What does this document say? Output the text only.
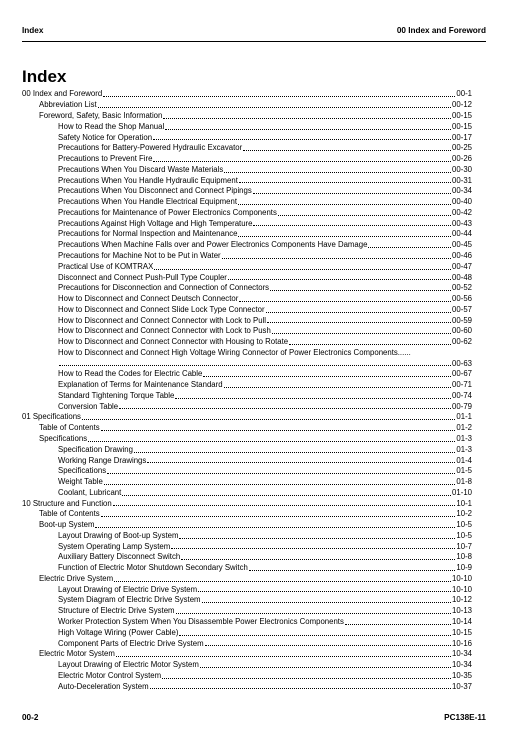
Index	00 Index and Foreword
Index
00 Index and Foreword	00-1
Abbreviation List	00-12
Foreword, Safety, Basic Information	00-15
How to Read the Shop Manual	00-15
Safety Notice for Operation	00-17
Precautions for Battery-Powered Hydraulic Excavator	00-25
Precautions to Prevent Fire	00-26
Precautions When You Discard Waste Materials	00-30
Precautions When You Handle Hydraulic Equipment	00-31
Precautions When You Disconnect and Connect Pipings	00-34
Precautions When You Handle Electrical Equipment	00-40
Precautions for Maintenance of Power Electronics Components	00-42
Precautions Against High Voltage and High Temperature	00-43
Precautions for Normal Inspection and Maintenance	00-44
Precautions When Machine Falls over and Power Electronics Components Have Damage	00-45
Precautions for Machine Not to be Put in Water	00-46
Practical Use of KOMTRAX	00-47
Disconnect and Connect Push-Pull Type Coupler	00-48
Precautions for Disconnection and Connection of Connectors	00-52
How to Disconnect and Connect Deutsch Connector	00-56
How to Disconnect and Connect Slide Lock Type Connector	00-57
How to Disconnect and Connect Connector with Lock to Pull	00-59
How to Disconnect and Connect Connector with Lock to Push	00-60
How to Disconnect and Connect Connector with Housing to Rotate	00-62
How to Disconnect and Connect High Voltage Wiring Connector of Power Electronics Components......
00-63
How to Read the Codes for Electric Cable	00-67
Explanation of Terms for Maintenance Standard	00-71
Standard Tightening Torque Table	00-74
Conversion Table	00-79
01 Specifications	01-1
Table of Contents	01-2
Specifications	01-3
Specification Drawing	01-3
Working Range Drawings	01-4
Specifications	01-5
Weight Table	01-8
Coolant, Lubricant	01-10
10 Structure and Function	10-1
Table of Contents	10-2
Boot-up System	10-5
Layout Drawing of Boot-up System	10-5
System Operating Lamp System	10-7
Auxiliary Battery Disconnect Switch	10-8
Function of Electric Motor Shutdown Secondary Switch	10-9
Electric Drive System	10-10
Layout Drawing of Electric Drive System	10-10
System Diagram of Electric Drive System	10-12
Structure of Electric Drive System	10-13
Worker Protection System When You Disassemble Power Electronics Components	10-14
High Voltage Wiring (Power Cable)	10-15
Component Parts of Electric Drive System	10-16
Electric Motor System	10-34
Layout Drawing of Electric Motor System	10-34
Electric Motor Control System	10-35
Auto-Deceleration System	10-37
00-2	PC138E-11
